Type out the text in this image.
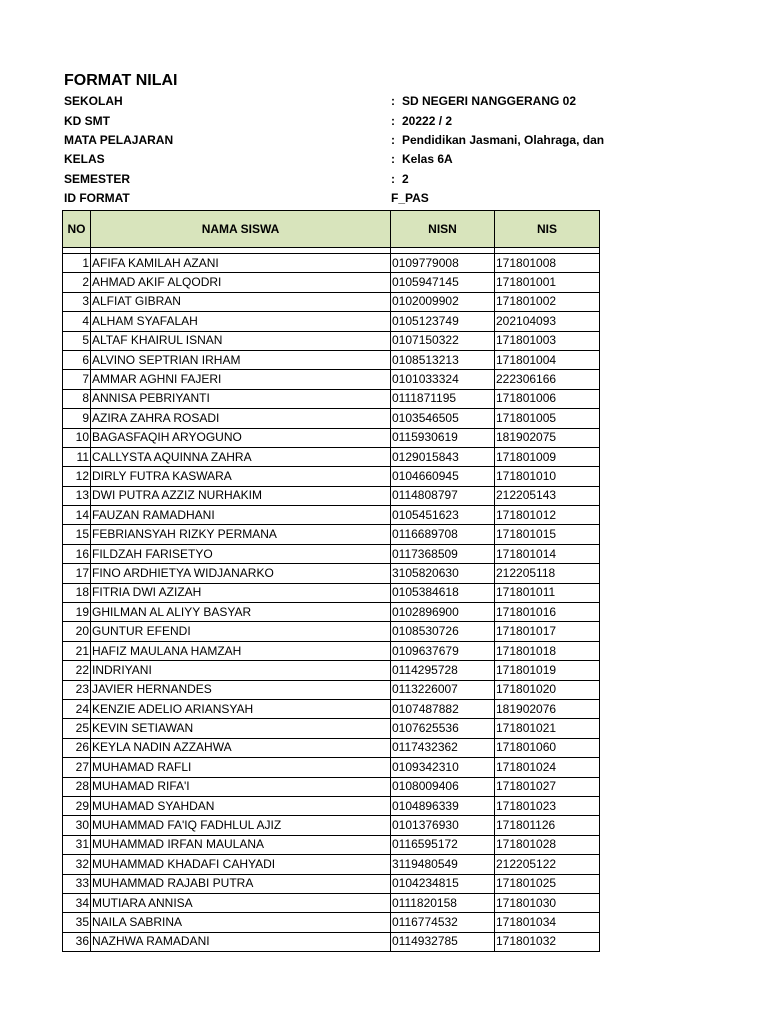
FORMAT NILAI
SEKOLAH	: SD NEGERI NANGGERANG 02
KD SMT	: 20222 / 2
MATA PELAJARAN	: Pendidikan Jasmani, Olahraga, dan
KELAS	: Kelas 6A
SEMESTER	: 2
ID FORMAT	F_PAS
NO	NAMA SISWA	NISN	NIS

1	AFIFA KAMILAH AZANI	0109779008	171801008
2	AHMAD AKIF ALQODRI	0105947145	171801001
3	ALFIAT GIBRAN	0102009902	171801002
4	ALHAM SYAFALAH	0105123749	202104093
5	ALTAF KHAIRUL ISNAN	0107150322	171801003
6	ALVINO SEPTRIAN IRHAM	0108513213	171801004
7	AMMAR AGHNI FAJERI	0101033324	222306166
8	ANNISA PEBRIYANTI	0111871195	171801006
9	AZIRA ZAHRA ROSADI	0103546505	171801005
10	BAGASFAQIH ARYOGUNO	0115930619	181902075
11	CALLYSTA AQUINNA ZAHRA	0129015843	171801009
12	DIRLY FUTRA KASWARA	0104660945	171801010
13	DWI PUTRA AZZIZ NURHAKIM	0114808797	212205143
14	FAUZAN RAMADHANI	0105451623	171801012
15	FEBRIANSYAH RIZKY PERMANA	0116689708	171801015
16	FILDZAH FARISETYO	0117368509	171801014
17	FINO ARDHIETYA WIDJANARKO	3105820630	212205118
18	FITRIA DWI AZIZAH	0105384618	171801011
19	GHILMAN AL ALIYY BASYAR	0102896900	171801016
20	GUNTUR EFENDI	0108530726	171801017
21	HAFIZ MAULANA HAMZAH	0109637679	171801018
22	INDRIYANI	0114295728	171801019
23	JAVIER HERNANDES	0113226007	171801020
24	KENZIE ADELIO ARIANSYAH	0107487882	181902076
25	KEVIN SETIAWAN	0107625536	171801021
26	KEYLA NADIN AZZAHWA	0117432362	171801060
27	MUHAMAD RAFLI	0109342310	171801024
28	MUHAMAD RIFA'I	0108009406	171801027
29	MUHAMAD SYAHDAN	0104896339	171801023
30	MUHAMMAD FA'IQ FADHLUL AJIZ	0101376930	171801126
31	MUHAMMAD IRFAN MAULANA	0116595172	171801028
32	MUHAMMAD KHADAFI CAHYADI	3119480549	212205122
33	MUHAMMAD RAJABI PUTRA	0104234815	171801025
34	MUTIARA ANNISA	0111820158	171801030
35	NAILA SABRINA	0116774532	171801034
36	NAZHWA RAMADANI	0114932785	171801032
